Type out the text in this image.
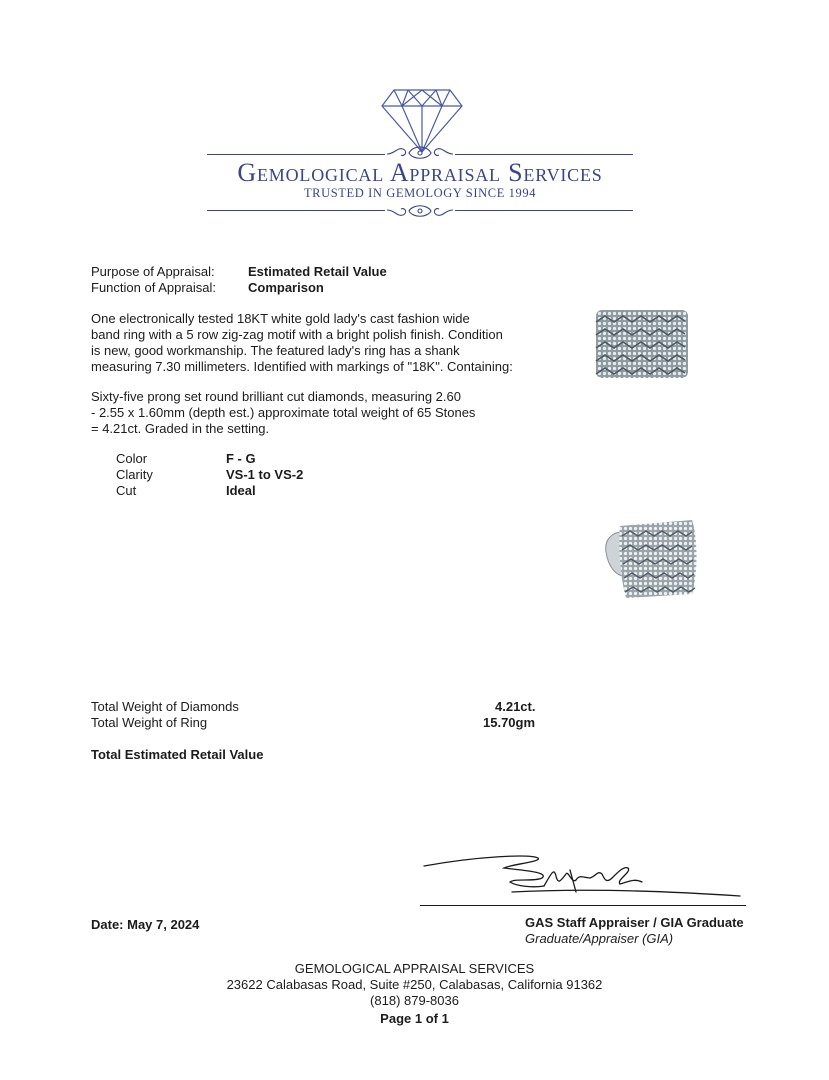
Gemological Appraisal Services
TRUSTED IN GEMOLOGY SINCE 1994
Purpose of Appraisal:	Estimated Retail Value
Function of Appraisal: Comparison
One electronically tested 18KT white gold lady's cast fashion wide
band ring with a 5 row zig-zag motif with a bright polish finish. Condition
is new, good workmanship. The featured lady's ring has a shank
measuring 7.30 millimeters. Identified with markings of "18K". Containing:
Sixty-five prong set round brilliant cut diamonds, measuring 2.60
- 2.55 x 1.60mm (depth est.) approximate total weight of 65 Stones
= 4.21ct. Graded in the setting.
Color	F - G
Clarity	VS-1 to VS-2
Cut	Ideal
Total Weight of Diamonds	4.21ct.
Total Weight of Ring	15.70gm
Total Estimated Retail Value
Date: May 7, 2024	GAS Staff Appraiser / GIA Graduate
Graduate/Appraiser (GIA)
GEMOLOGICAL APPRAISAL SERVICES
23622 Calabasas Road, Suite #250, Calabasas, California 91362
(818) 879-8036
Page 1 of 1
